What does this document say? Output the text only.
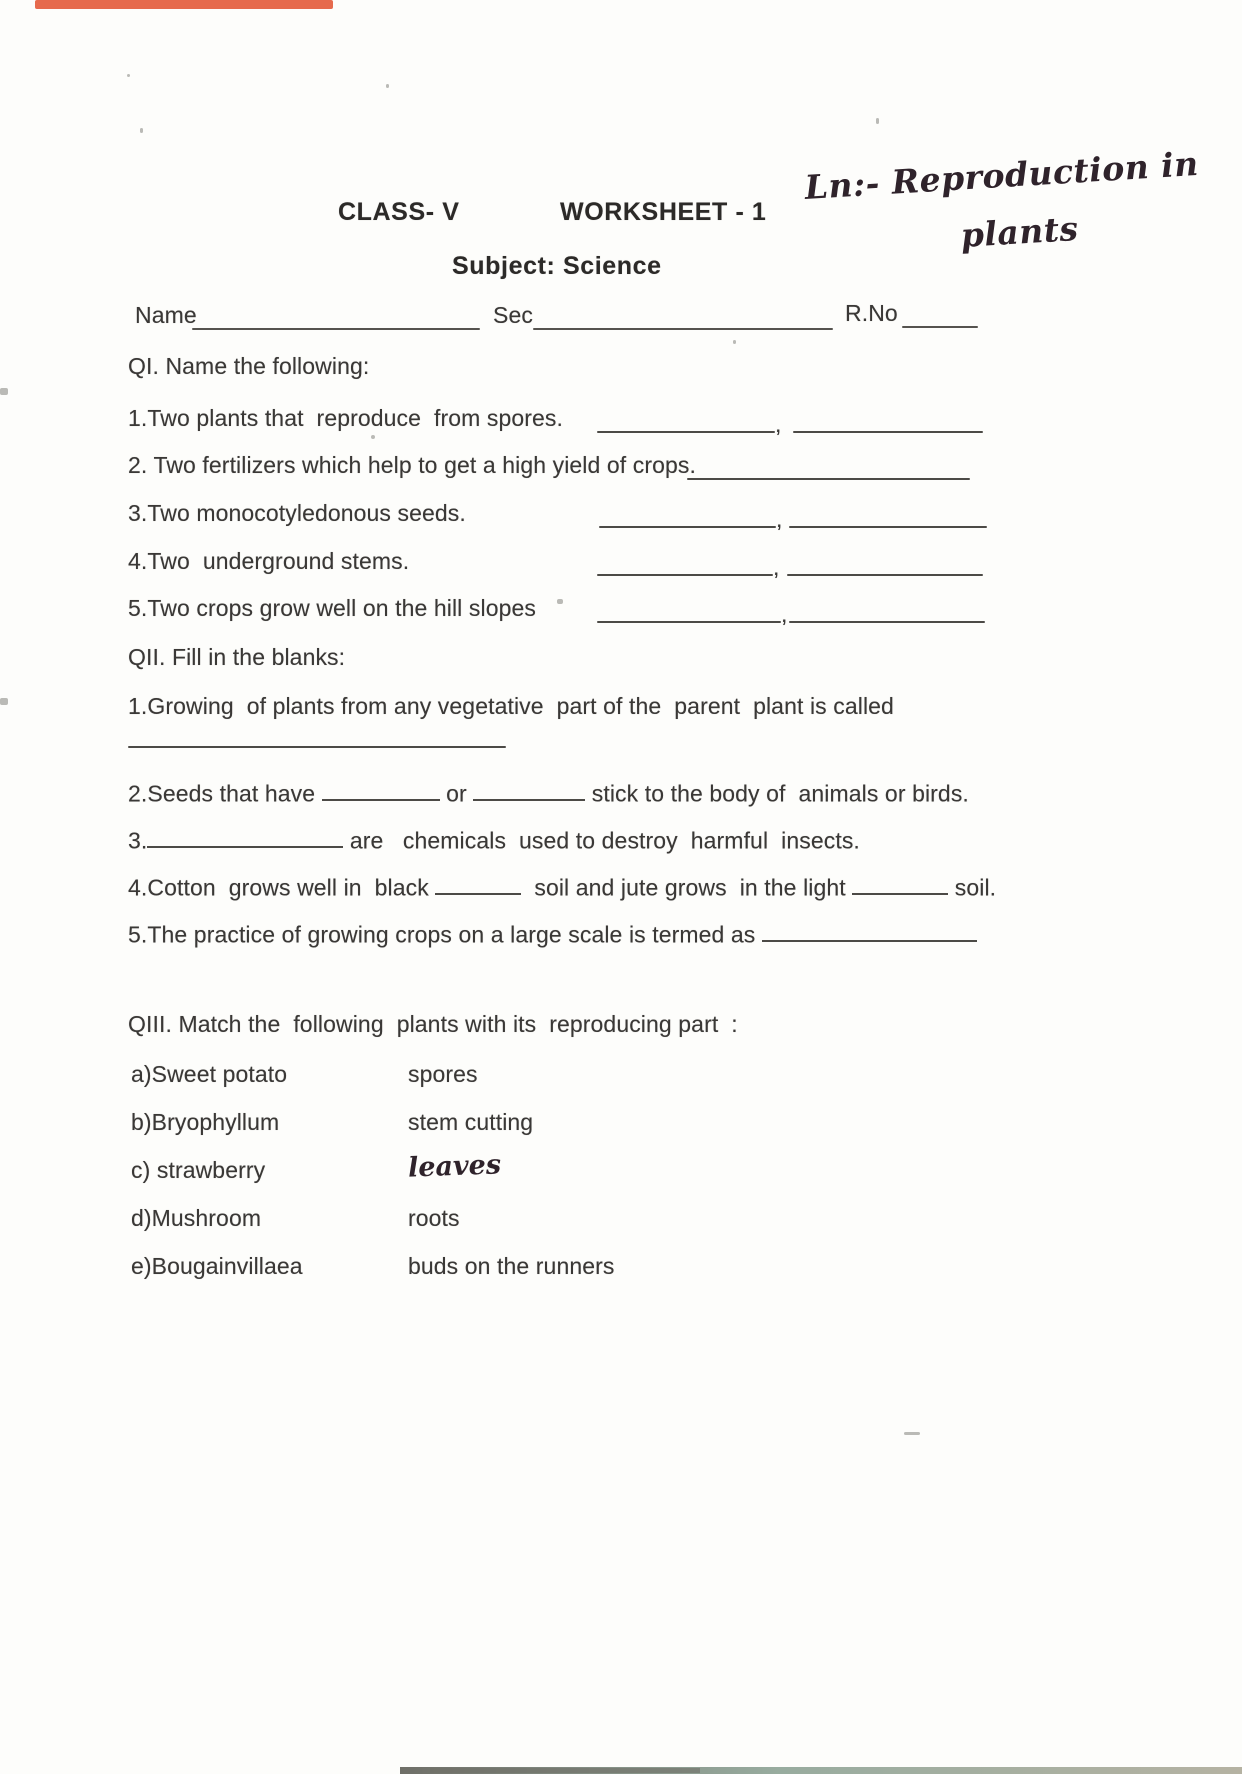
CLASS- V	WORKSHEET - 1
Ln:- Reproduction in
plants
Subject: Science
Name	Sec	R.No
QI. Name the following:
QII. Fill in the blanks:
QIII. Match the  following  plants with its  reproducing part  :
1.Two plants that  reproduce  from spores.	,
2. Two fertilizers which help to get a high yield of crops.
3.Two monocotyledonous seeds.	,
4.Two  underground stems.	,
5.Two crops grow well on the hill slopes	,
1.Growing  of plants from any vegetative  part of the  parent  plant is called
2.Seeds that have	or	stick to the body of  animals or birds.
3.	are   chemicals  used to destroy  harmful  insects.
4.Cotton  grows well in  black	soil and jute grows  in the light	soil.
5.The practice of growing crops on a large scale is termed as
a)Sweet potato	spores
b)Bryophyllum	stem cutting
c) strawberry	leaves
d)Mushroom	roots
e)Bougainvillaea	buds on the runners
